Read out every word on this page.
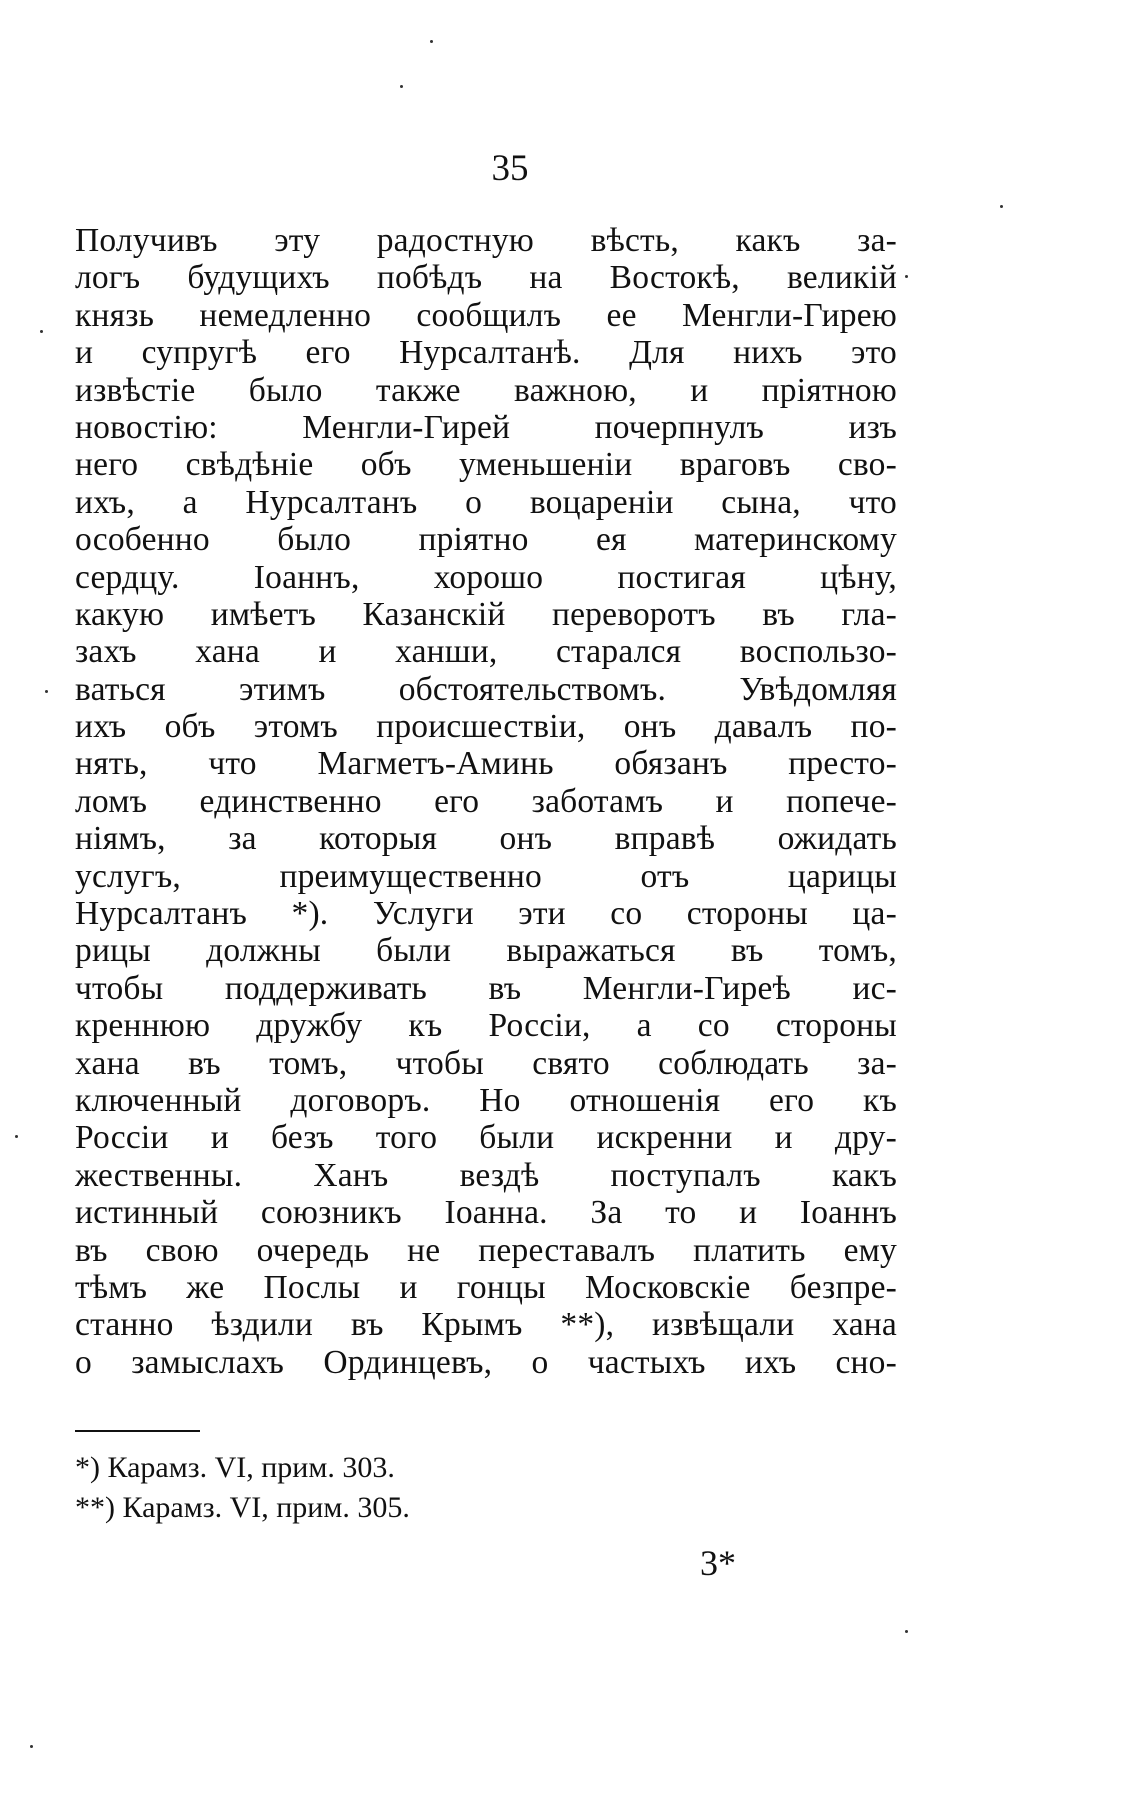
35
Получивъ эту радостную вѣсть, какъ за-
логъ будущихъ побѣдъ на Востокѣ, великій
князь немедленно сообщилъ ее Менгли-Гирею
и супругѣ его Нурсалтанѣ. Для нихъ это
извѣстіе было также важною, и пріятною
новостію: Менгли-Гирей почерпнулъ изъ
него свѣдѣніе объ уменьшеніи враговъ сво-
ихъ, а Нурсалтанъ о воцареніи сына, что
особенно было пріятно ея материнскому
сердцу. Іоаннъ, хорошо постигая цѣну,
какую имѣетъ Казанскій переворотъ въ гла-
захъ хана и ханши, старался воспользо-
ваться этимъ обстоятельствомъ. Увѣдомляя
ихъ объ этомъ происшествіи, онъ давалъ по-
нять, что Магметъ-Аминь обязанъ престо-
ломъ единственно его заботамъ и попече-
ніямъ, за которыя онъ вправѣ ожидать
услугъ, преимущественно отъ царицы
Нурсалтанъ *). Услуги эти со стороны ца-
рицы должны были выражаться въ томъ,
чтобы поддерживать въ Менгли-Гиреѣ ис-
креннюю дружбу къ Россіи, а со стороны
хана въ томъ, чтобы свято соблюдать за-
ключенный договоръ. Но отношенія его къ
Россіи и безъ того были искренни и дру-
жественны. Ханъ вездѣ поступалъ какъ
истинный союзникъ Іоанна. За то и Іоаннъ
въ свою очередь не переставалъ платить ему
тѣмъ же Послы и гонцы Московскіе безпре-
станно ѣздили въ Крымъ **), извѣщали хана
о замыслахъ Ординцевъ, о частыхъ ихъ сно-
*) Карамз. VI, прим. 303.
**) Карамз. VI, прим. 305.
3*
